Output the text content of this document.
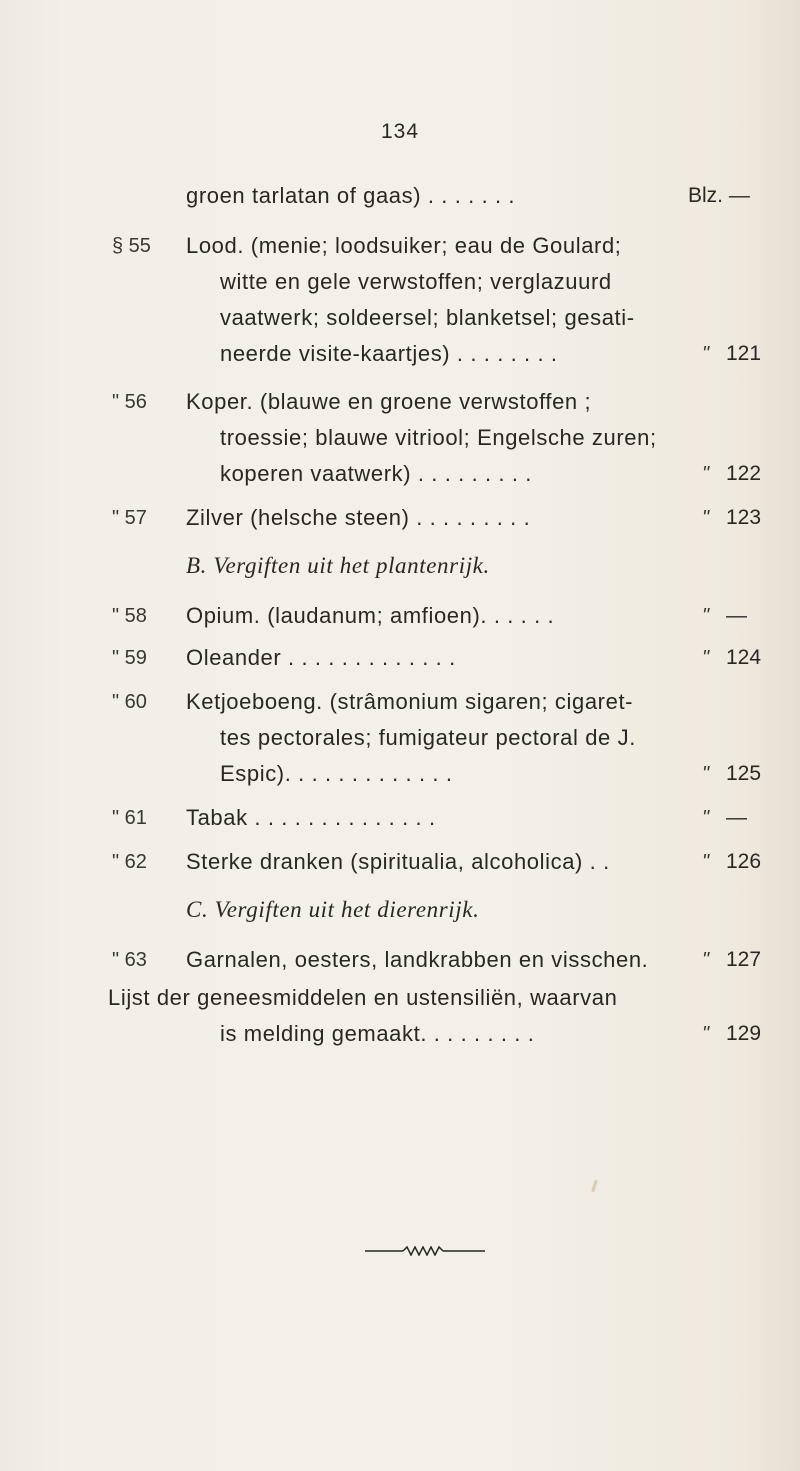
134
groen tarlatan of gaas) . . . . . . .	Blz. —
§ 55	Lood. (menie; loodsuiker; eau de Goulard;
witte en gele verwstoffen; verglazuurd
vaatwerk; soldeersel; blanketsel; gesati-
neerde visite-kaartjes) . . . . . . . .	" 121
" 56	Koper. (blauwe en groene verwstoffen ;
troessie; blauwe vitriool; Engelsche zuren;
koperen vaatwerk) . . . . . . . . .	" 122
" 57	Zilver (helsche steen) . . . . . . . . .	" 123
B. Vergiften uit het plantenrijk.
" 58	Opium. (laudanum; amfioen). . . . . .	" —
" 59	Oleander . . . . . . . . . . . . .	" 124
" 60	Ketjoeboeng. (strâmonium sigaren; cigaret-
tes pectorales; fumigateur pectoral de J.
Espic). . . . . . . . . . . . .	" 125
" 61	Tabak . . . . . . . . . . . . . .	" —
" 62	Sterke dranken (spiritualia, alcoholica) . .	" 126
C. Vergiften uit het dierenrijk.
" 63	Garnalen, oesters, landkrabben en visschen.	" 127
Lijst der geneesmiddelen en ustensiliën, waarvan
is melding gemaakt. . . . . . . . .	" 129
